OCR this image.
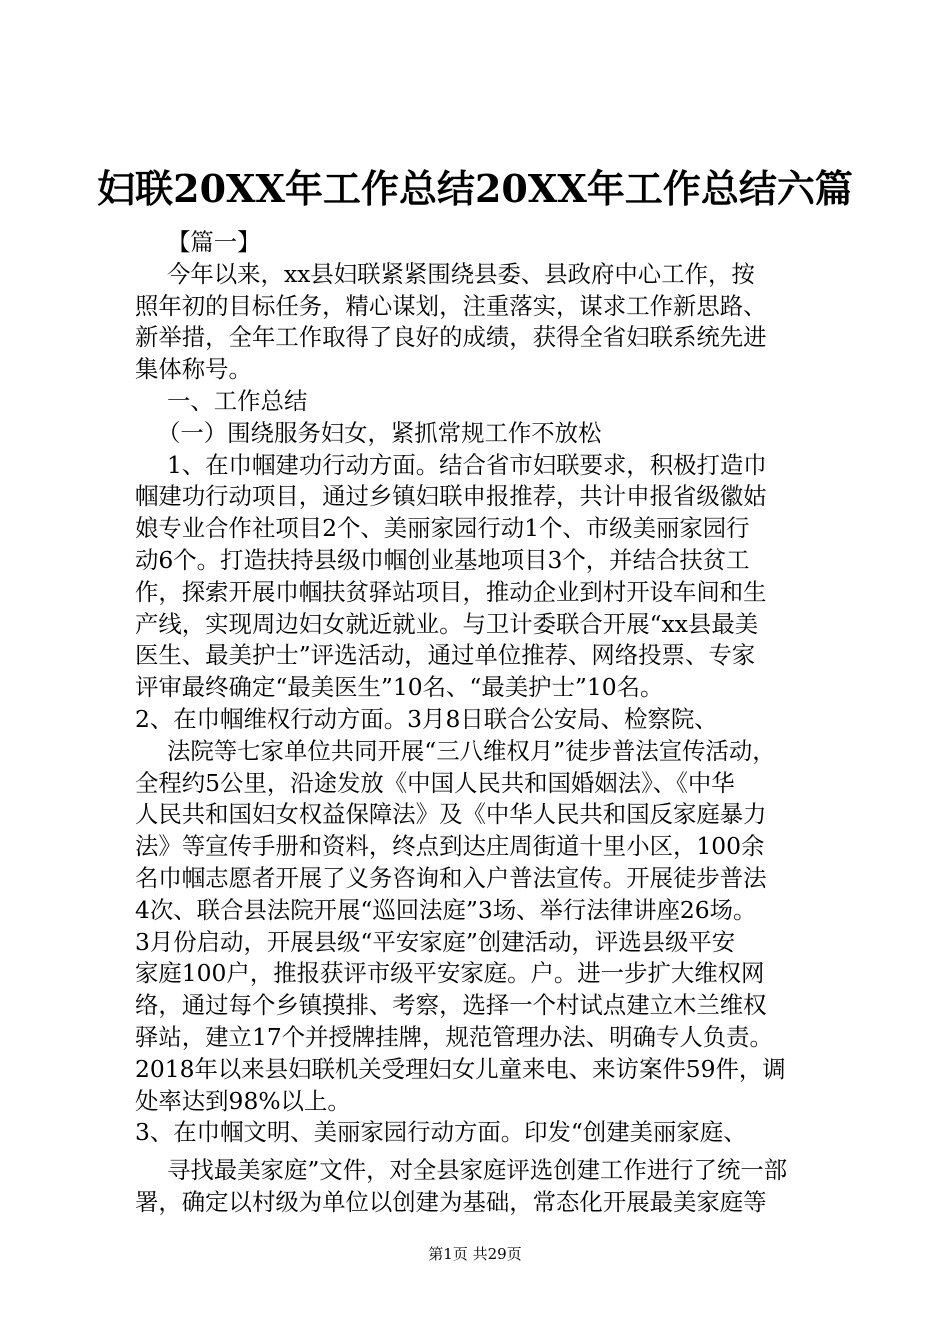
妇联20XX年工作总结20XX年工作总结六篇
【篇一】
今年以来，xx县妇联紧紧围绕县委、县政府中心工作，按
照年初的目标任务，精心谋划，注重落实，谋求工作新思路、
新举措，全年工作取得了良好的成绩，获得全省妇联系统先进
集体称号。
一、工作总结
（一）围绕服务妇女，紧抓常规工作不放松
1、在巾帼建功行动方面。结合省市妇联要求，积极打造巾
帼建功行动项目，通过乡镇妇联申报推荐，共计申报省级徽姑
娘专业合作社项目2个、美丽家园行动1个、市级美丽家园行
动6个。打造扶持县级巾帼创业基地项目3个，并结合扶贫工
作，探索开展巾帼扶贫驿站项目，推动企业到村开设车间和生
产线，实现周边妇女就近就业。与卫计委联合开展“xx县最美
医生、最美护士”评选活动，通过单位推荐、网络投票、专家
评审最终确定“最美医生”10名、“最美护士”10名。
2、在巾帼维权行动方面。3月8日联合公安局、检察院、
法院等七家单位共同开展“三八维权月”徒步普法宣传活动，
全程约5公里，沿途发放《中国人民共和国婚姻法》、《中华
人民共和国妇女权益保障法》及《中华人民共和国反家庭暴力
法》等宣传手册和资料，终点到达庄周街道十里小区，100余
名巾帼志愿者开展了义务咨询和入户普法宣传。开展徒步普法
4次、联合县法院开展“巡回法庭”3场、举行法律讲座26场。
3月份启动，开展县级“平安家庭”创建活动，评选县级平安
家庭100户，推报获评市级平安家庭。户。进一步扩大维权网
络，通过每个乡镇摸排、考察，选择一个村试点建立木兰维权
驿站，建立17个并授牌挂牌，规范管理办法、明确专人负责。
2018年以来县妇联机关受理妇女儿童来电、来访案件59件，调
处率达到98%以上。
3、在巾帼文明、美丽家园行动方面。印发“创建美丽家庭、
寻找最美家庭”文件，对全县家庭评选创建工作进行了统一部
署，确定以村级为单位以创建为基础，常态化开展最美家庭等
第1页 共29页
